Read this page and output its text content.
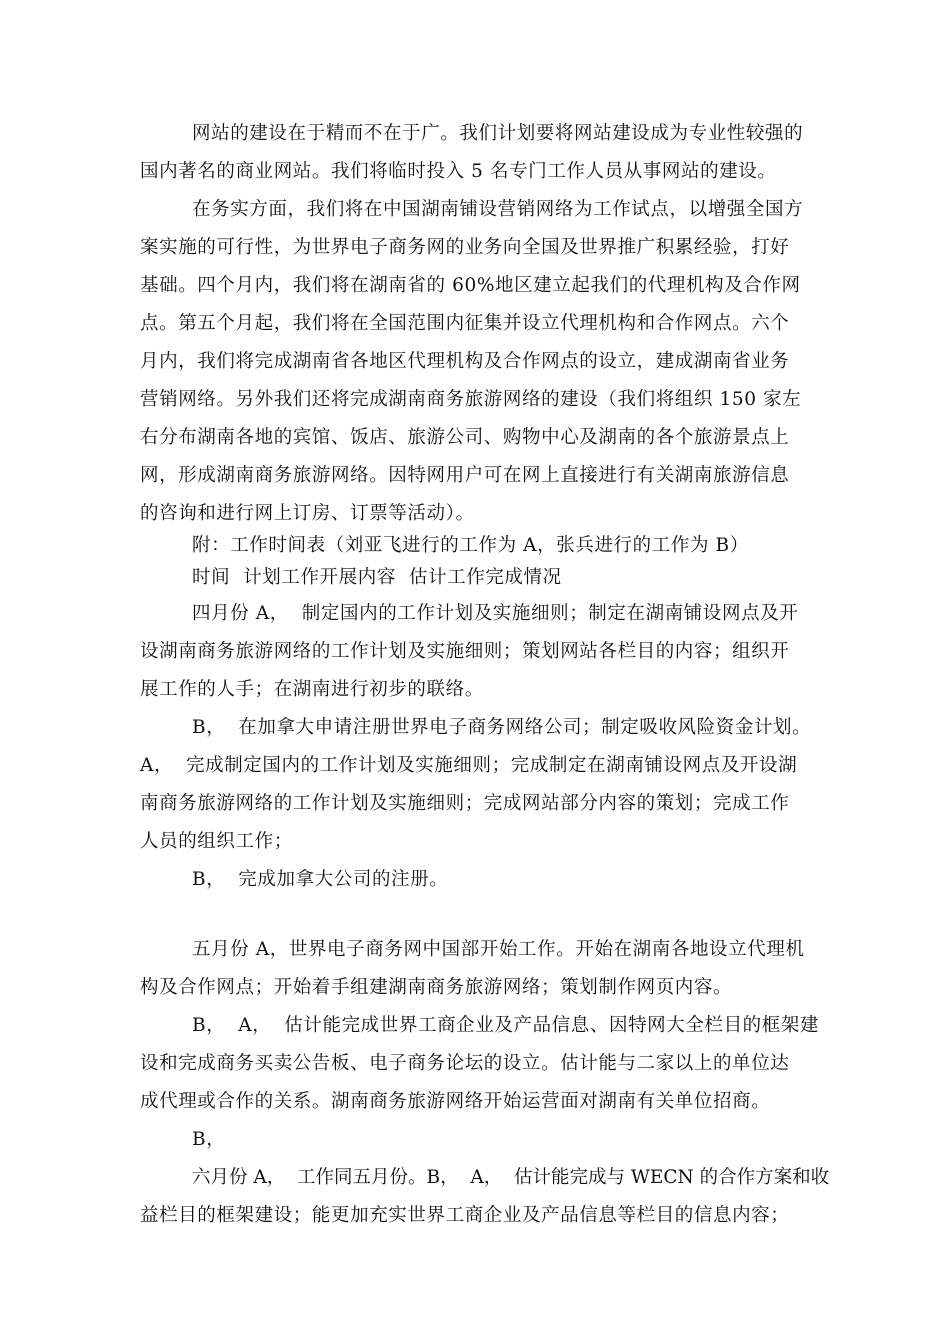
网站的建设在于精而不在于广。我们计划要将网站建设成为专业性较强的
国内著名的商业网站。我们将临时投入 5 名专门工作人员从事网站的建设。
在务实方面，我们将在中国湖南铺设营销网络为工作试点，以增强全国方
案实施的可行性，为世界电子商务网的业务向全国及世界推广积累经验，打好
基础。四个月内，我们将在湖南省的 60%地区建立起我们的代理机构及合作网
点。第五个月起，我们将在全国范围内征集并设立代理机构和合作网点。六个
月内，我们将完成湖南省各地区代理机构及合作网点的设立，建成湖南省业务
营销网络。另外我们还将完成湖南商务旅游网络的建设（我们将组织 150 家左
右分布湖南各地的宾馆、饭店、旅游公司、购物中心及湖南的各个旅游景点上
网，形成湖南商务旅游网络。因特网用户可在网上直接进行有关湖南旅游信息
的咨询和进行网上订房、订票等活动）。
附：工作时间表（刘亚飞进行的工作为 A，张兵进行的工作为 B）
时间  计划工作开展内容  估计工作完成情况
四月份 A，  制定国内的工作计划及实施细则；制定在湖南铺设网点及开
设湖南商务旅游网络的工作计划及实施细则；策划网站各栏目的内容；组织开
展工作的人手；在湖南进行初步的联络。
B，  在加拿大申请注册世界电子商务网络公司；制定吸收风险资金计划。
A，  完成制定国内的工作计划及实施细则；完成制定在湖南铺设网点及开设湖
南商务旅游网络的工作计划及实施细则；完成网站部分内容的策划；完成工作
人员的组织工作；
B，  完成加拿大公司的注册。
五月份 A，世界电子商务网中国部开始工作。开始在湖南各地设立代理机
构及合作网点；开始着手组建湖南商务旅游网络；策划制作网页内容。
B，  A，  估计能完成世界工商企业及产品信息、因特网大全栏目的框架建
设和完成商务买卖公告板、电子商务论坛的设立。估计能与二家以上的单位达
成代理或合作的关系。湖南商务旅游网络开始运营面对湖南有关单位招商。
B，
六月份 A，  工作同五月份。B，  A，  估计能完成与 WECN 的合作方案和收
益栏目的框架建设；能更加充实世界工商企业及产品信息等栏目的信息内容；
